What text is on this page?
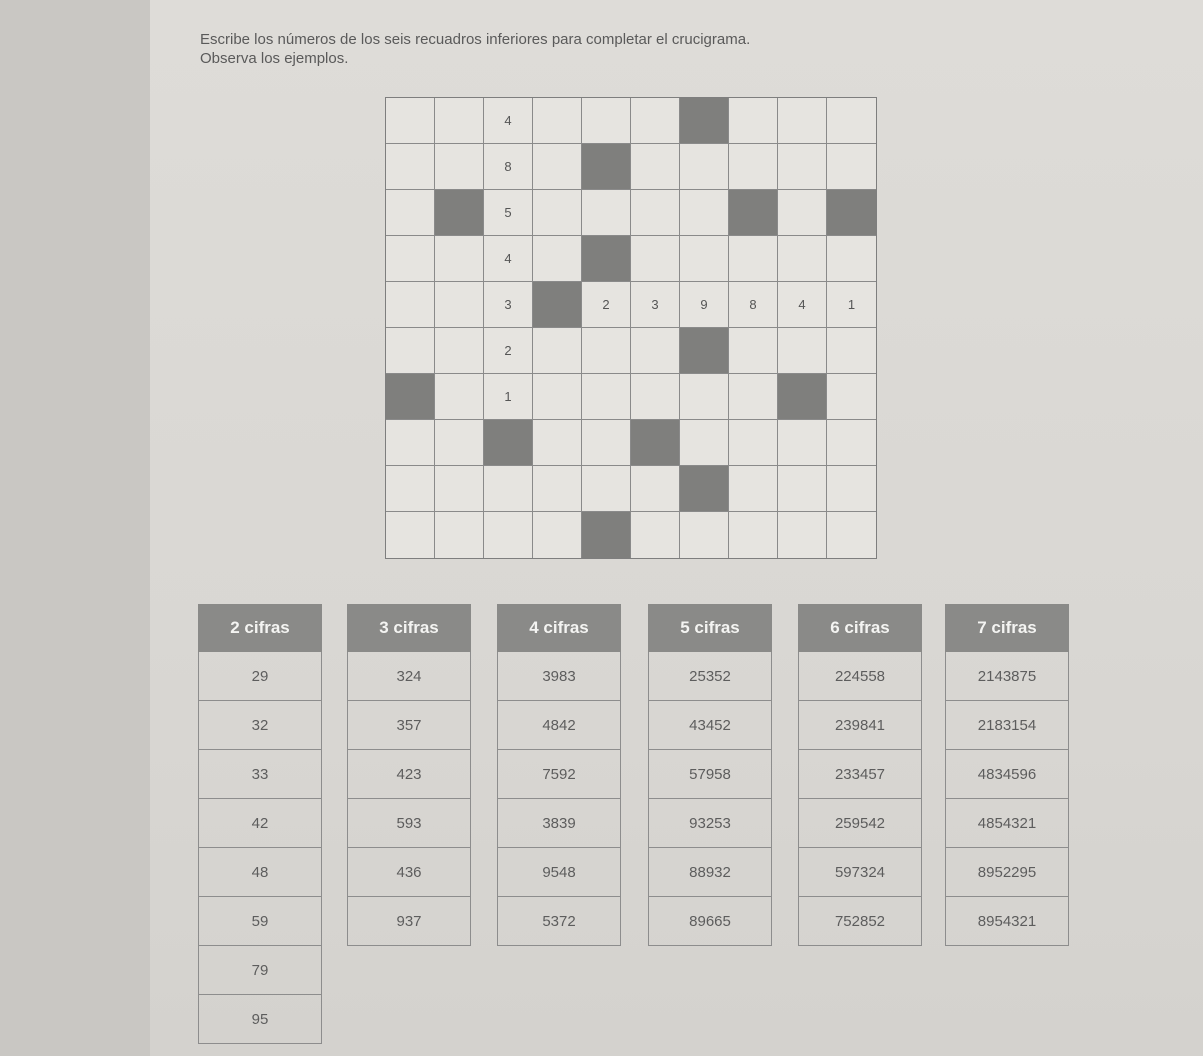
Escribe los números de los seis recuadros inferiores para completar el crucigrama.
Observa los ejemplos.
4
8
5
4
3	2	3	9	8	4	1
2
1
2 cifras
29
32
33
42
48
59
79
95
3 cifras
324
357
423
593
436
937
4 cifras
3983
4842
7592
3839
9548
5372
5 cifras
25352
43452
57958
93253
88932
89665
6 cifras
224558
239841
233457
259542
597324
752852
7 cifras
2143875
2183154
4834596
4854321
8952295
8954321
